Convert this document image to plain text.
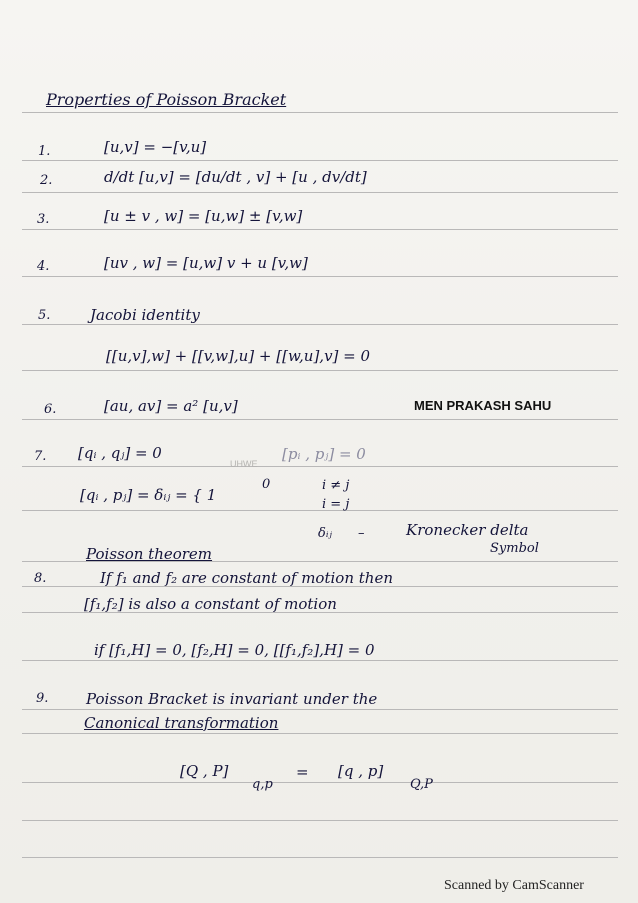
Properties of Poisson Bracket
1.	[u,v] = −[v,u]
2.	d/dt [u,v] = [du/dt , v] + [u , dv/dt]
3.	[u ± v , w] = [u,w] ± [v,w]
4.	[uv , w] = [u,w] v + u [v,w]
5.	Jacobi identity
[[u,v],w] + [[v,w],u] + [[w,u],v] = 0
6.	[au, av] = a² [u,v]	MEN PRAKASH SAHU
7. [qᵢ , qⱼ] = 0
UHWE
[pᵢ , pⱼ] = 0
[qᵢ , pⱼ] = δᵢⱼ = { 1
0	i ≠ j
i = j
δᵢⱼ –	Kronecker delta
Symbol
Poisson theorem
8.	If f₁ and f₂ are constant of motion then
[f₁,f₂] is also a constant of motion
if [f₁,H] = 0, [f₂,H] = 0, [[f₁,f₂],H] = 0
9.	Poisson Bracket is invariant under the
Canonical transformation
[Q , P]
q,p
= [q , p]
Q,P
Scanned by CamScanner
